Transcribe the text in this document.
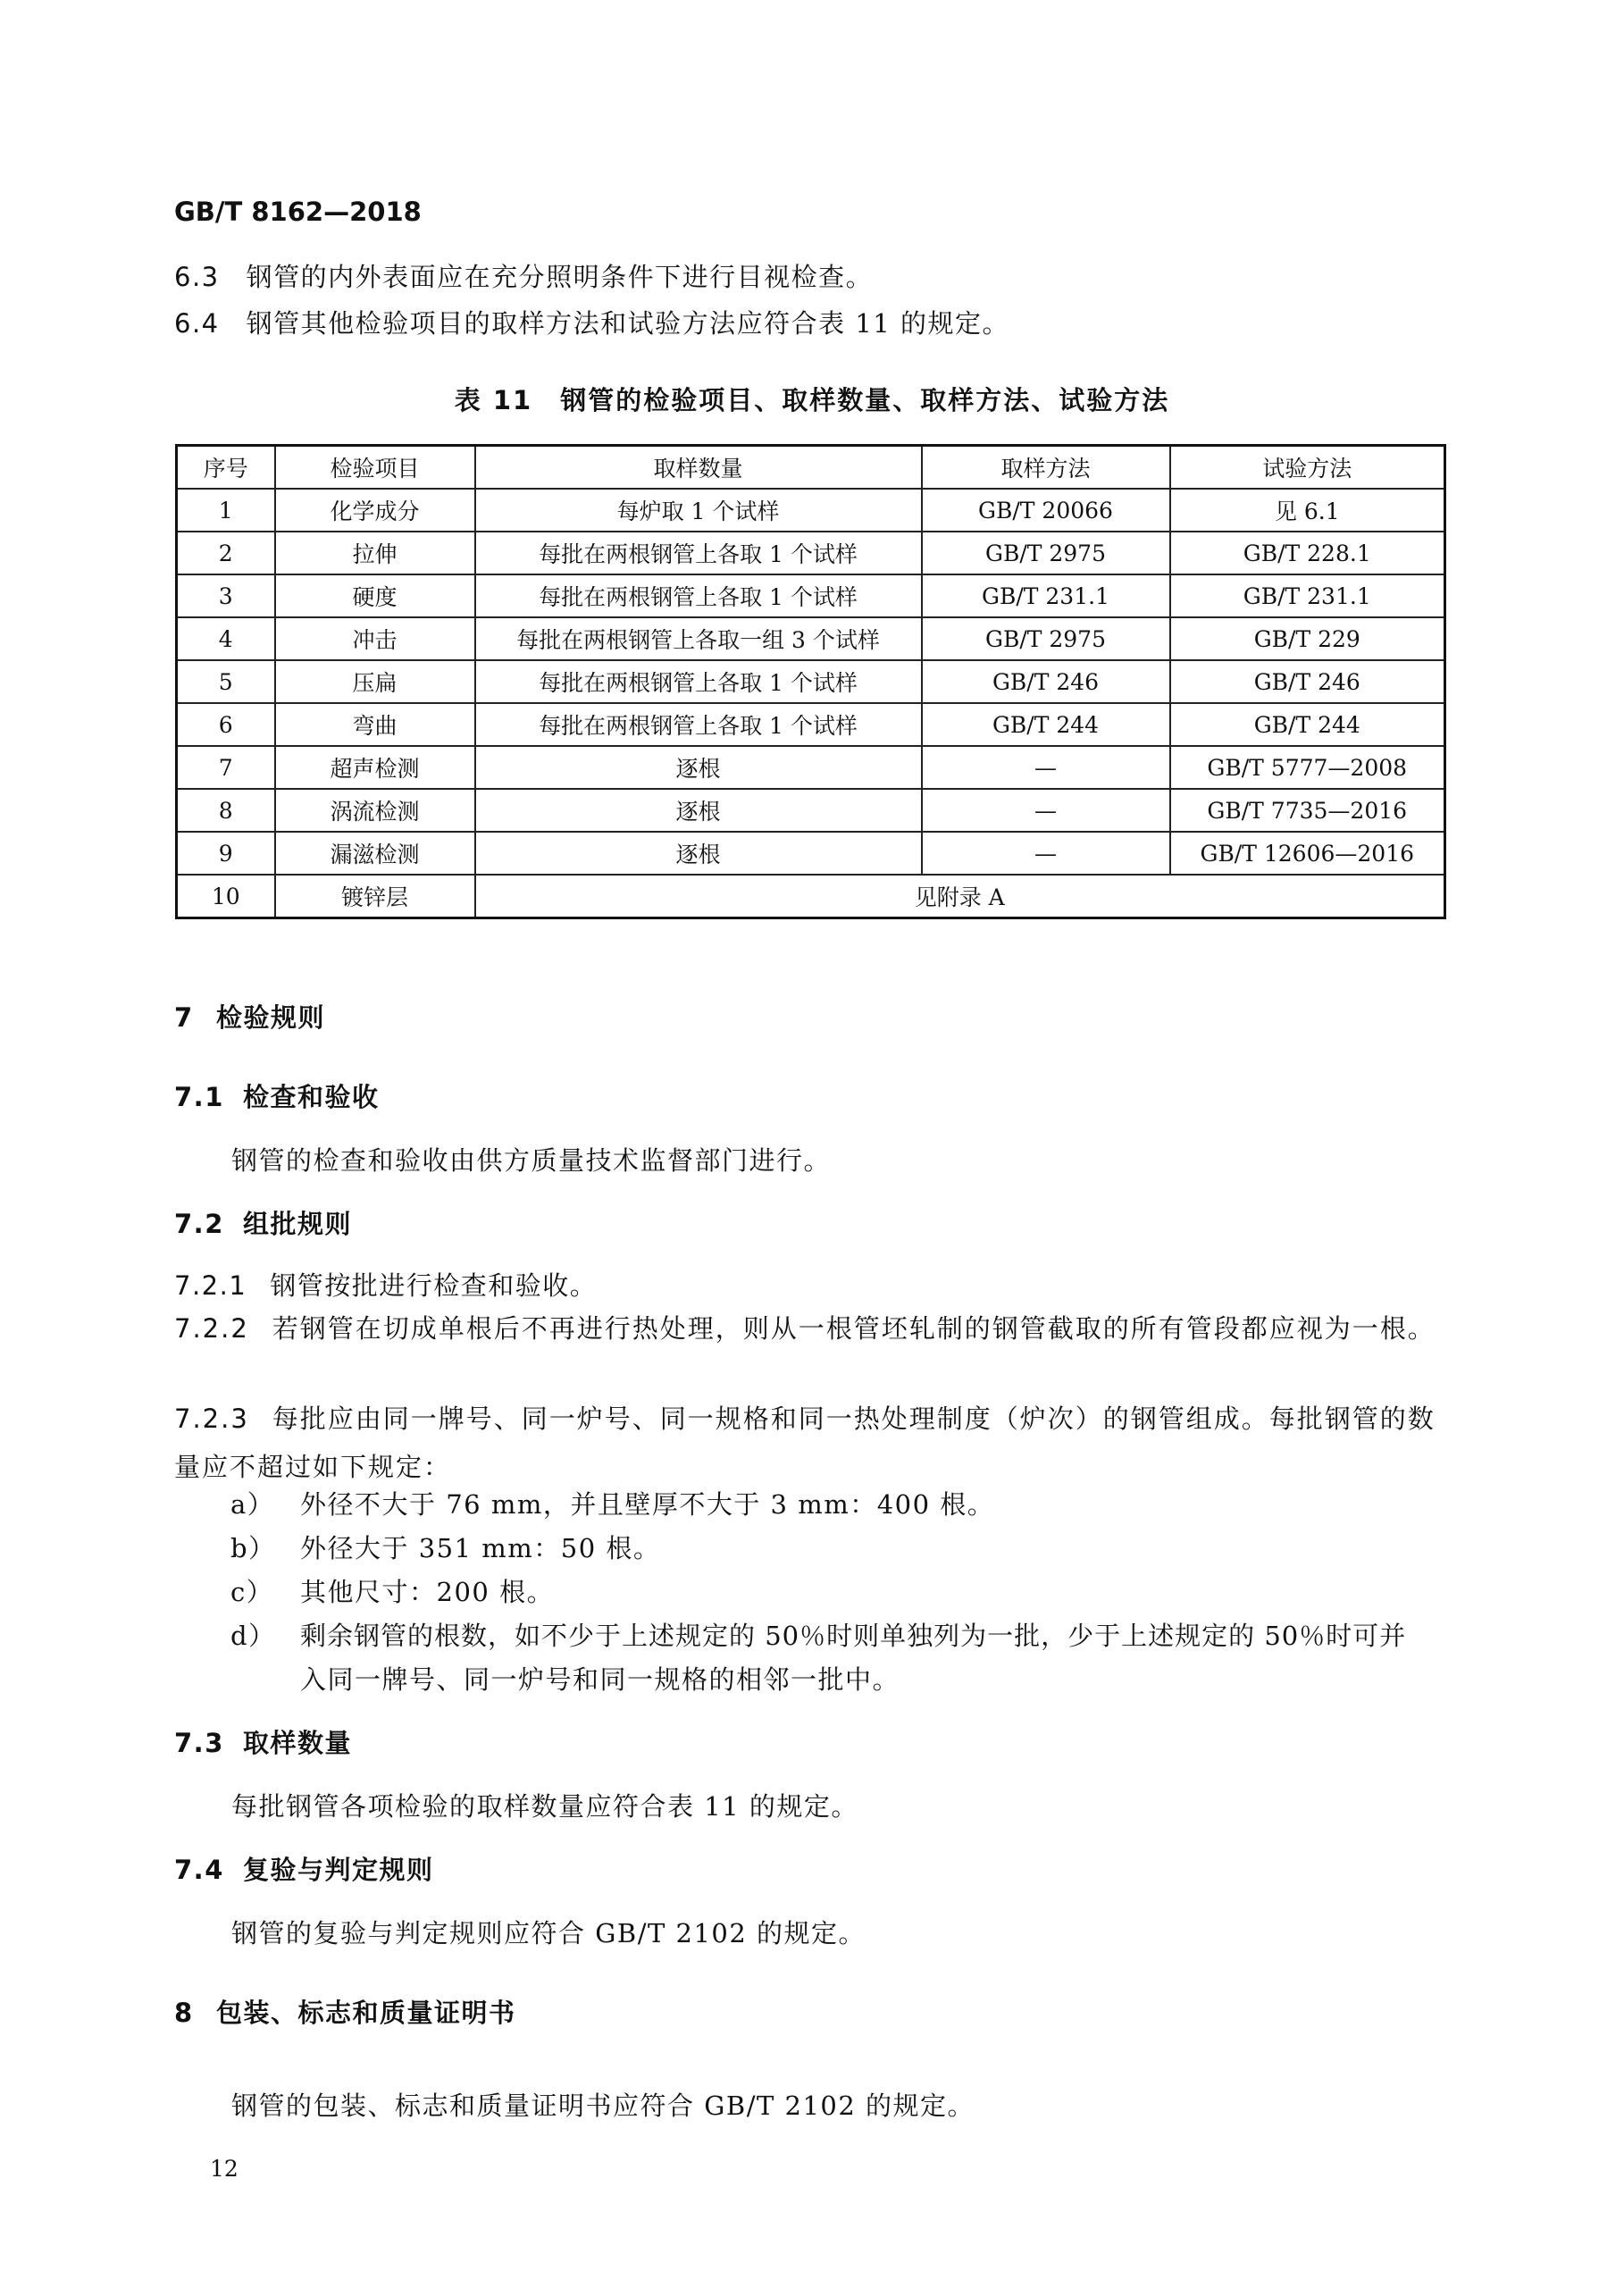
GB/T 8162—2018
6.3 钢管的内外表面应在充分照明条件下进行目视检查。
6.4 钢管其他检验项目的取样方法和试验方法应符合表 11 的规定。
表 11　钢管的检验项目、取样数量、取样方法、试验方法
序号	检验项目	取样数量	取样方法	试验方法
1	化学成分	每炉取 1 个试样	GB/T 20066	见 6.1
2	拉伸	每批在两根钢管上各取 1 个试样	GB/T 2975	GB/T 228.1
3	硬度	每批在两根钢管上各取 1 个试样	GB/T 231.1	GB/T 231.1
4	冲击	每批在两根钢管上各取一组 3 个试样	GB/T 2975	GB/T 229
5	压扁	每批在两根钢管上各取 1 个试样	GB/T 246	GB/T 246
6	弯曲	每批在两根钢管上各取 1 个试样	GB/T 244	GB/T 244
7	超声检测	逐根	—	GB/T 5777—2008
8	涡流检测	逐根	—	GB/T 7735—2016
9	漏滋检测	逐根	—	GB/T 12606—2016
10	镀锌层	见附录 A		
7 检验规则
7.1 检查和验收
钢管的检查和验收由供方质量技术监督部门进行。
7.2 组批规则
7.2.1 钢管按批进行检查和验收。
7.2.2 若钢管在切成单根后不再进行热处理，则从一根管坯轧制的钢管截取的所有管段都应视为一根。
7.2.3 每批应由同一牌号、同一炉号、同一规格和同一热处理制度（炉次）的钢管组成。每批钢管的数量应不超过如下规定：
a） 外径不大于 76 mm，并且壁厚不大于 3 mm：400 根。
b） 外径大于 351 mm：50 根。
c） 其他尺寸：200 根。
d） 剩余钢管的根数，如不少于上述规定的 50％时则单独列为一批，少于上述规定的 50％时可并
入同一牌号、同一炉号和同一规格的相邻一批中。
7.3 取样数量
每批钢管各项检验的取样数量应符合表 11 的规定。
7.4 复验与判定规则
钢管的复验与判定规则应符合 GB/T 2102 的规定。
8 包装、标志和质量证明书
钢管的包装、标志和质量证明书应符合 GB/T 2102 的规定。
12
